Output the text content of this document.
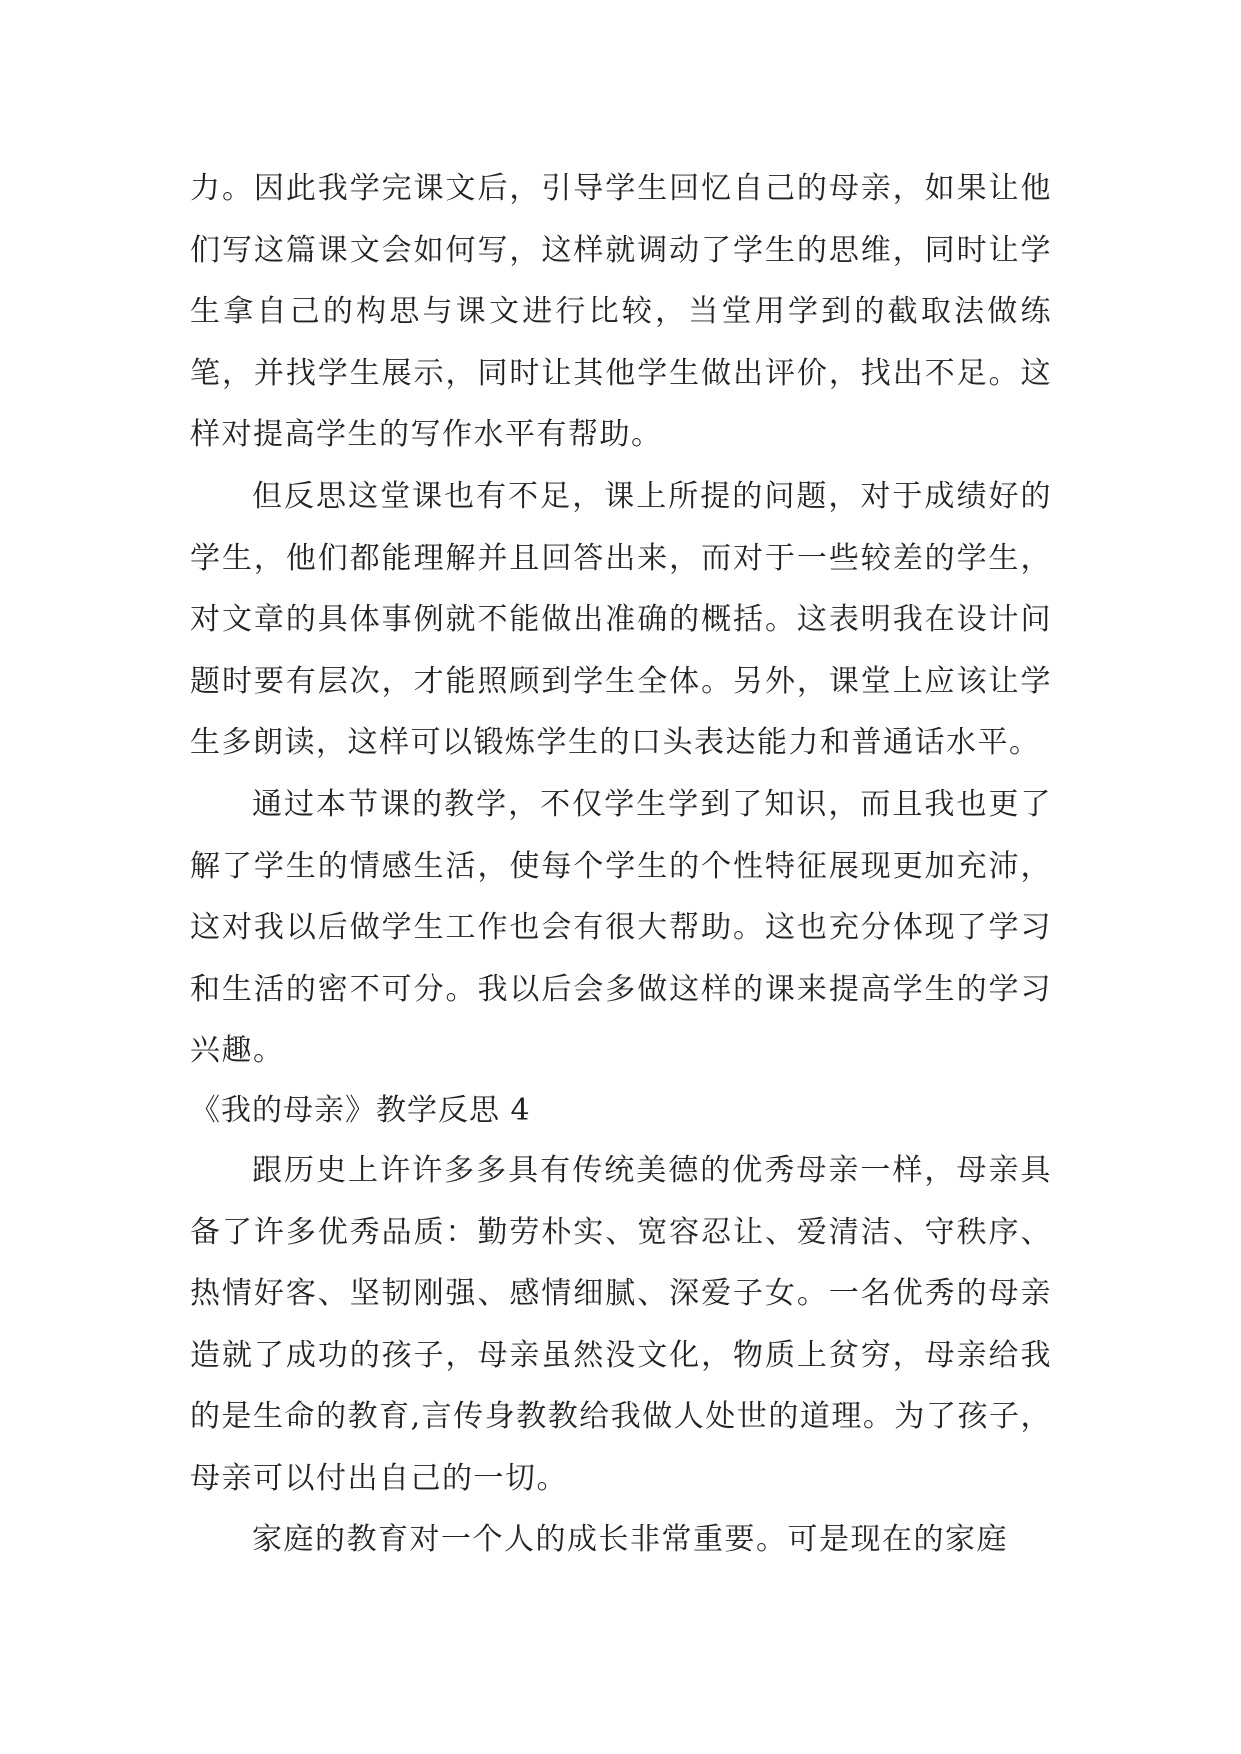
力。因此我学完课文后，引导学生回忆自己的母亲，如果让他们写这篇课文会如何写，这样就调动了学生的思维，同时让学生拿自己的构思与课文进行比较，当堂用学到的截取法做练笔，并找学生展示，同时让其他学生做出评价，找出不足。这样对提高学生的写作水平有帮助。

但反思这堂课也有不足，课上所提的问题，对于成绩好的学生，他们都能理解并且回答出来，而对于一些较差的学生，对文章的具体事例就不能做出准确的概括。这表明我在设计问题时要有层次，才能照顾到学生全体。另外，课堂上应该让学生多朗读，这样可以锻炼学生的口头表达能力和普通话水平。

通过本节课的教学，不仅学生学到了知识，而且我也更了解了学生的情感生活，使每个学生的个性特征展现更加充沛，这对我以后做学生工作也会有很大帮助。这也充分体现了学习和生活的密不可分。我以后会多做这样的课来提高学生的学习兴趣。

《我的母亲》教学反思 4

跟历史上许许多多具有传统美德的优秀母亲一样，母亲具备了许多优秀品质：勤劳朴实、宽容忍让、爱清洁、守秩序、热情好客、坚韧刚强、感情细腻、深爱子女。一名优秀的母亲造就了成功的孩子，母亲虽然没文化，物质上贫穷，母亲给我的是生命的教育,言传身教教给我做人处世的道理。为了孩子，母亲可以付出自己的一切。

家庭的教育对一个人的成长非常重要。可是现在的家庭
